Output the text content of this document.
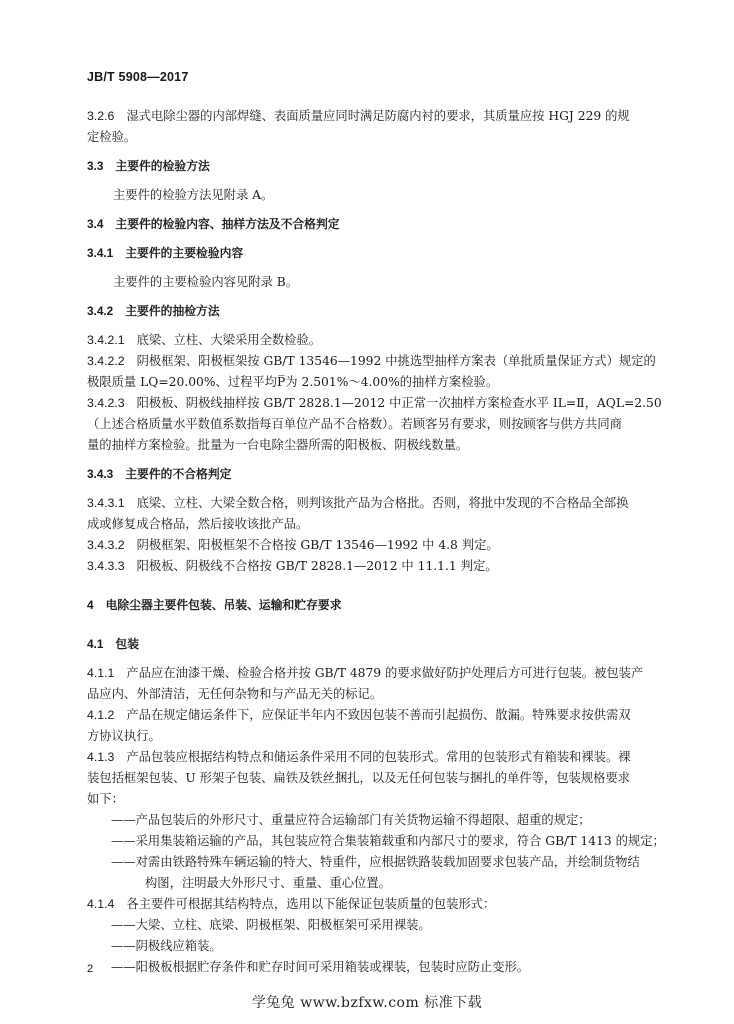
JB/T 5908—2017

3.2.6 湿式电除尘器的内部焊缝、表面质量应同时满足防腐内衬的要求，其质量应按 HGJ 229 的规

定检验。

3.3 主要件的检验方法

主要件的检验方法见附录 A。

3.4 主要件的检验内容、抽样方法及不合格判定

3.4.1 主要件的主要检验内容

主要件的主要检验内容见附录 B。

3.4.2 主要件的抽检方法

3.4.2.1 底梁、立柱、大梁采用全数检验。

3.4.2.2 阴极框架、阳极框架按 GB/T 13546—1992 中挑选型抽样方案表（单批质量保证方式）规定的

极限质量 LQ=20.00%、过程平均P̅为 2.501%～4.00%的抽样方案检验。

3.4.2.3 阳极板、阴极线抽样按 GB/T 2828.1—2012 中正常一次抽样方案检查水平 IL=Ⅱ，AQL=2.50

（上述合格质量水平数值系数指每百单位产品不合格数）。若顾客另有要求，则按顾客与供方共同商

量的抽样方案检验。批量为一台电除尘器所需的阳极板、阴极线数量。

3.4.3 主要件的不合格判定

3.4.3.1 底梁、立柱、大梁全数合格，则判该批产品为合格批。否则，将批中发现的不合格品全部换

成或修复成合格品，然后接收该批产品。

3.4.3.2 阴极框架、阳极框架不合格按 GB/T 13546—1992 中 4.8 判定。

3.4.3.3 阳极板、阴极线不合格按 GB/T 2828.1—2012 中 11.1.1 判定。

4 电除尘器主要件包装、吊装、运输和贮存要求

4.1 包装

4.1.1 产品应在油漆干燥、检验合格并按 GB/T 4879 的要求做好防护处理后方可进行包装。被包装产

品应内、外部清洁，无任何杂物和与产品无关的标记。

4.1.2 产品在规定储运条件下，应保证半年内不致因包装不善而引起损伤、散漏。特殊要求按供需双

方协议执行。

4.1.3 产品包装应根据结构特点和储运条件采用不同的包装形式。常用的包装形式有箱装和裸装。裸

装包括框架包装、U 形架子包装、扁铁及铁丝捆扎，以及无任何包装与捆扎的单件等，包装规格要求

如下：

——产品包装后的外形尺寸、重量应符合运输部门有关货物运输不得超限、超重的规定；

——采用集装箱运输的产品，其包装应符合集装箱载重和内部尺寸的要求，符合 GB/T 1413 的规定；

——对需由铁路特殊车辆运输的特大、特重件，应根据铁路装载加固要求包装产品，并绘制货物结

构图，注明最大外形尺寸、重量、重心位置。

4.1.4 各主要件可根据其结构特点，选用以下能保证包装质量的包装形式：

——大梁、立柱、底梁、阴极框架、阳极框架可采用裸装。

——阴极线应箱装。

——阳极板根据贮存条件和贮存时间可采用箱装或裸装，包装时应防止变形。

2
学兔兔 www.bzfxw.com 标准下载
